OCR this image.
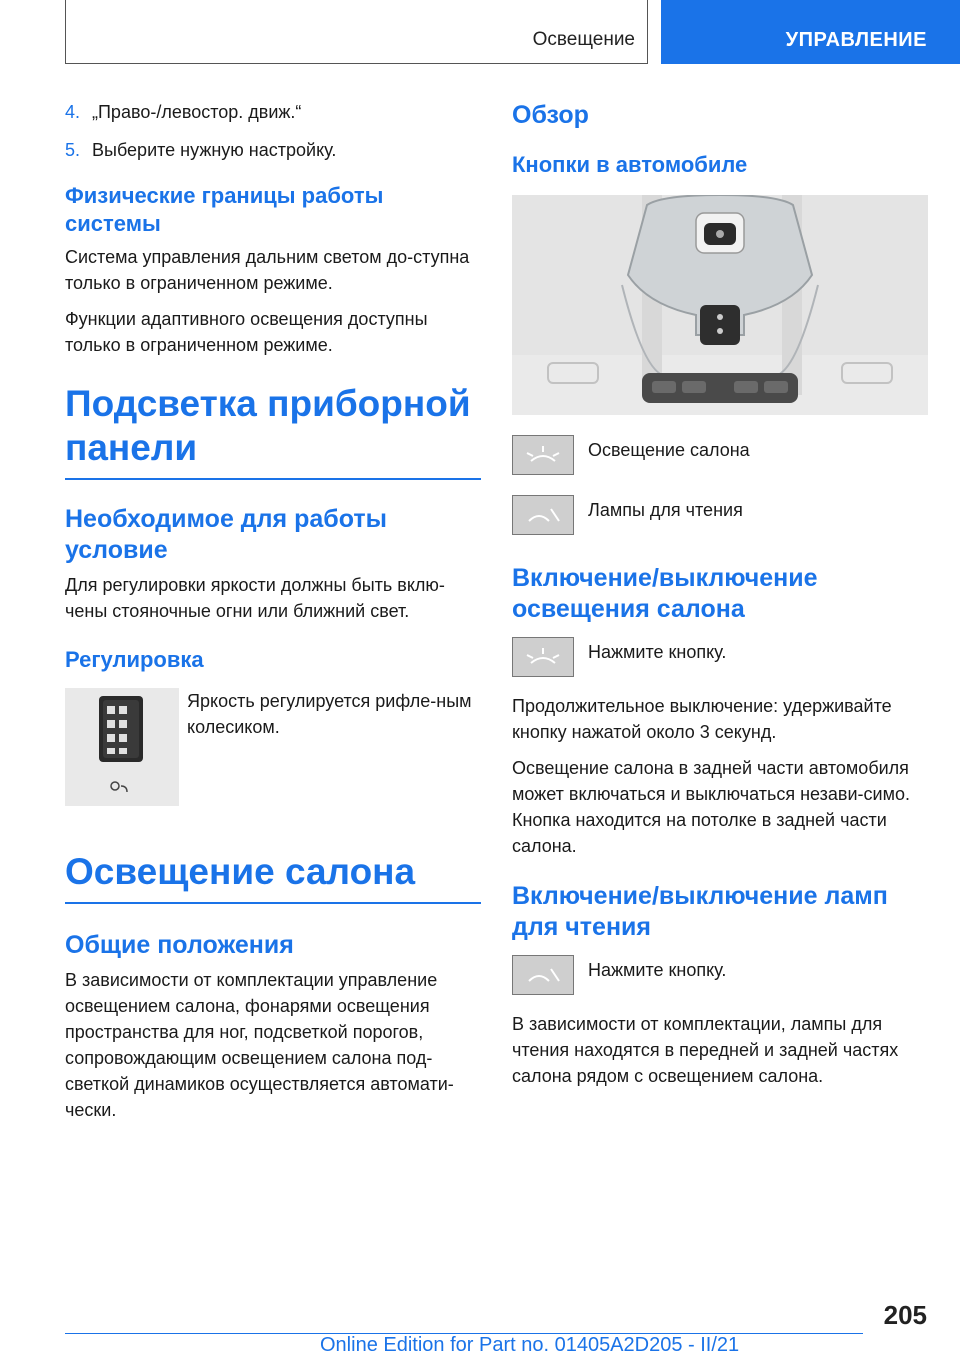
Освещение	УПРАВЛЕНИЕ
4. „Право-/левостор. движ.“
5. Выберите нужную настройку.
Физические границы работы системы

Система управления дальним светом до-ступна только в ограниченном режиме.

Функции адаптивного освещения доступны только в ограниченном режиме.

Подсветка приборной панели
Необходимое для работы условие

Для регулировки яркости должны быть вклю-чены стояночные огни или ближний свет.

Регулировка

Яркость регулируется рифле-ным колесиком.

Освещение салона
Общие положения

В зависимости от комплектации управление освещением салона, фонарями освещения пространства для ног, подсветкой порогов, сопровождающим освещением салона под-светкой динамиков осуществляется автомати-чески.

Обзор
Кнопки в автомобиле

Освещение салона

Лампы для чтения

Включение/выключение освещения салона

Нажмите кнопку.

Продолжительное выключение: удерживайте кнопку нажатой около 3 секунд.

Освещение салона в задней части автомобиля может включаться и выключаться незави-симо. Кнопка находится на потолке в задней части салона.

Включение/выключение ламп для чтения

Нажмите кнопку.

В зависимости от комплектации, лампы для чтения находятся в передней и задней частях салона рядом с освещением салона.

205
Online Edition for Part no. 01405A2D205 - II/21
